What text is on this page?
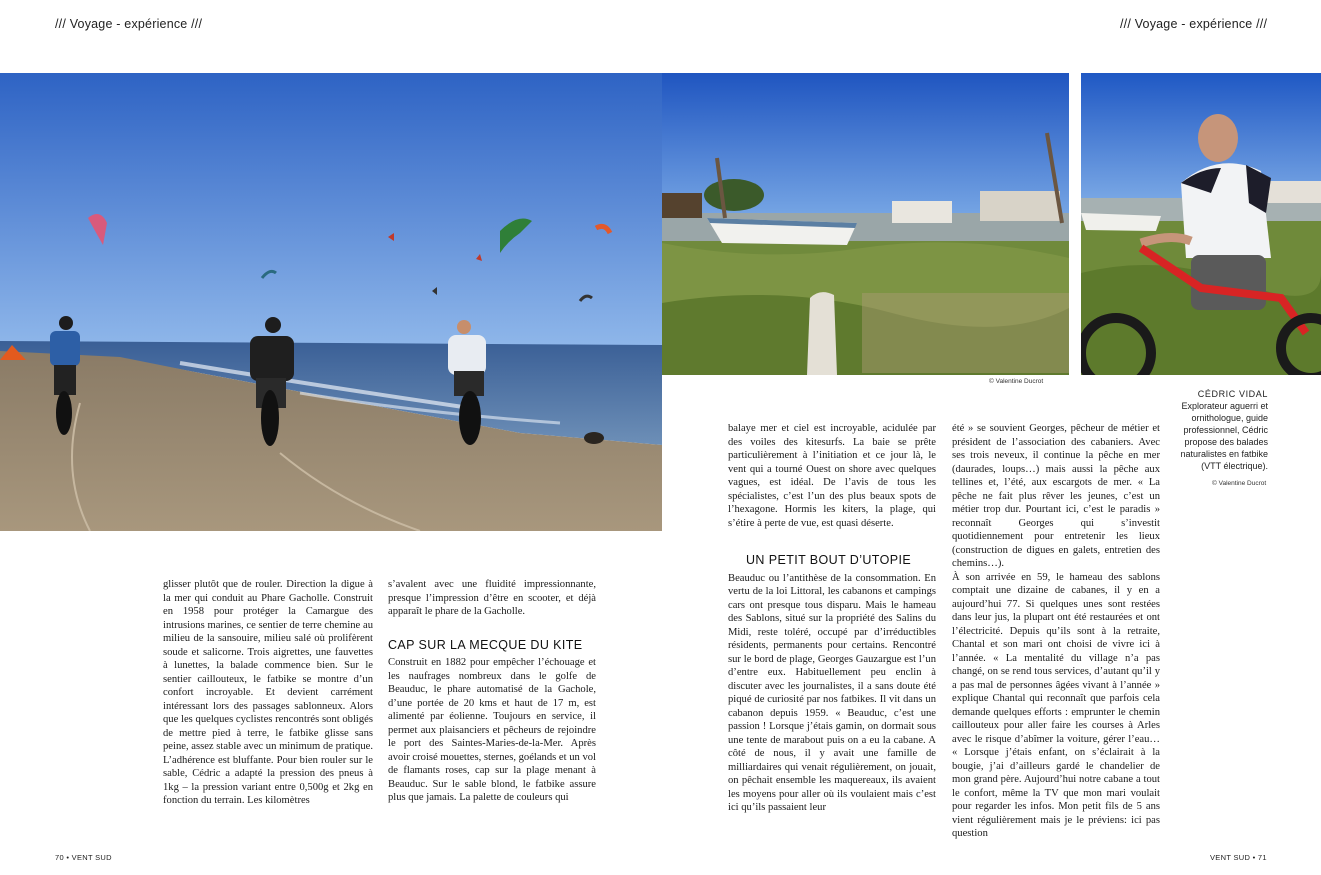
/// Voyage - expérience ///	/// Voyage - expérience ///
© Valentine Ducrot
CÉDRIC VIDAL
Explorateur aguerri et
ornithologue, guide
professionnel, Cédric
propose des balades
naturalistes en fatbike
(VTT électrique).
© Valentine Ducrot

glisser plutôt que de rouler. Direction la digue à la mer qui conduit au Phare Gacholle. Construit en 1958 pour protéger la Camargue des intrusions marines, ce sentier de terre chemine au milieu de la sansouire, milieu salé où prolifèrent soude et salicorne. Trois aigrettes, une fauvettes à lunettes, la balade commence bien. Sur le sentier caillouteux, le fatbike se montre d’un confort incroyable. Et devient carrément intéressant lors des passages sablonneux. Alors que les quelques cyclistes rencontrés sont obligés de mettre pied à terre, le fatbike glisse sans peine, assez stable avec un minimum de pratique. L’adhérence est bluffante. Pour bien rouler sur le sable, Cédric a adapté la pression des pneus à 1kg – la pression variant entre 0,500g et 2kg en fonction du terrain. Les kilomètres

s’avalent avec une fluidité impressionnante, presque l’impression d’être en scooter, et déjà apparaît le phare de la Gacholle.

CAP SUR LA MECQUE DU KITE

Construit en 1882 pour empêcher l’échouage et les naufrages nombreux dans le golfe de Beauduc, le phare automatisé de la Gachole, d’une portée de 20 kms et haut de 17 m, est alimenté par éolienne. Toujours en service, il permet aux plaisanciers et pêcheurs de rejoindre le port des Saintes-Maries-de-la-Mer. Après avoir croisé mouettes, sternes, goélands et un vol de flamants roses, cap sur la plage menant à Beauduc. Sur le sable blond, le fatbike assure plus que jamais. La palette de couleurs qui

balaye mer et ciel est incroyable, acidulée par des voiles des kitesurfs. La baie se prête particulièrement à l’initiation et ce jour là, le vent qui a tourné Ouest on shore avec quelques vagues, est idéal. De l’avis de tous les spécialistes, c’est l’un des plus beaux spots de l’hexagone. Hormis les kiters, la plage, qui s’étire à perte de vue, est quasi déserte.

UN PETIT BOUT D’UTOPIE

Beauduc ou l’antithèse de la consommation. En vertu de la loi Littoral, les cabanons et campings cars ont presque tous disparu. Mais le hameau des Sablons, situé sur la propriété des Salins du Midi, reste toléré, occupé par d’irréductibles résidents, permanents pour certains. Rencontré sur le bord de plage, Georges Gauzargue est l’un d’entre eux. Habituellement peu enclin à discuter avec les journalistes, il a sans doute été piqué de curiosité par nos fatbikes. Il vit dans un cabanon depuis 1959. « Beauduc, c’est une passion ! Lorsque j’étais gamin, on dormait sous une tente de marabout puis on a eu la cabane. A côté de nous, il y avait une famille de milliardaires qui venait régulièrement, on jouait, on pêchait ensemble les maquereaux, ils avaient les moyens pour aller où ils voulaient mais c’est ici qu’ils passaient leur

été » se souvient Georges, pêcheur de métier et président de l’association des cabaniers. Avec ses trois neveux, il continue la pêche en mer (daurades, loups…) mais aussi la pêche aux tellines et, l’été, aux escargots de mer. « La pêche ne fait plus rêver les jeunes, c’est un métier trop dur. Pourtant ici, c’est le paradis » reconnaît Georges qui s’investit quotidiennement pour entretenir les lieux (construction de digues en galets, entretien des chemins…).

À son arrivée en 59, le hameau des sablons comptait une dizaine de cabanes, il y en a aujourd’hui 77. Si quelques unes sont restées dans leur jus, la plupart ont été restaurées et ont l’électricité. Depuis qu’ils sont à la retraite, Chantal et son mari ont choisi de vivre ici à l’année. « La mentalité du village n’a pas changé, on se rend tous services, d’autant qu’il y a pas mal de personnes âgées vivant à l’année » explique Chantal qui reconnaît que parfois cela demande quelques efforts : emprunter le chemin caillouteux pour aller faire les courses à Arles avec le risque d’abîmer la voiture, gérer l’eau… « Lorsque j’étais enfant, on s’éclairait à la bougie, j’ai d’ailleurs gardé le chandelier de mon grand père. Aujourd’hui notre cabane a tout le confort, même la TV que mon mari voulait pour regarder les infos. Mon petit fils de 5 ans vient régulièrement mais je le préviens: ici pas question

70 • VENT SUD	VENT SUD • 71
